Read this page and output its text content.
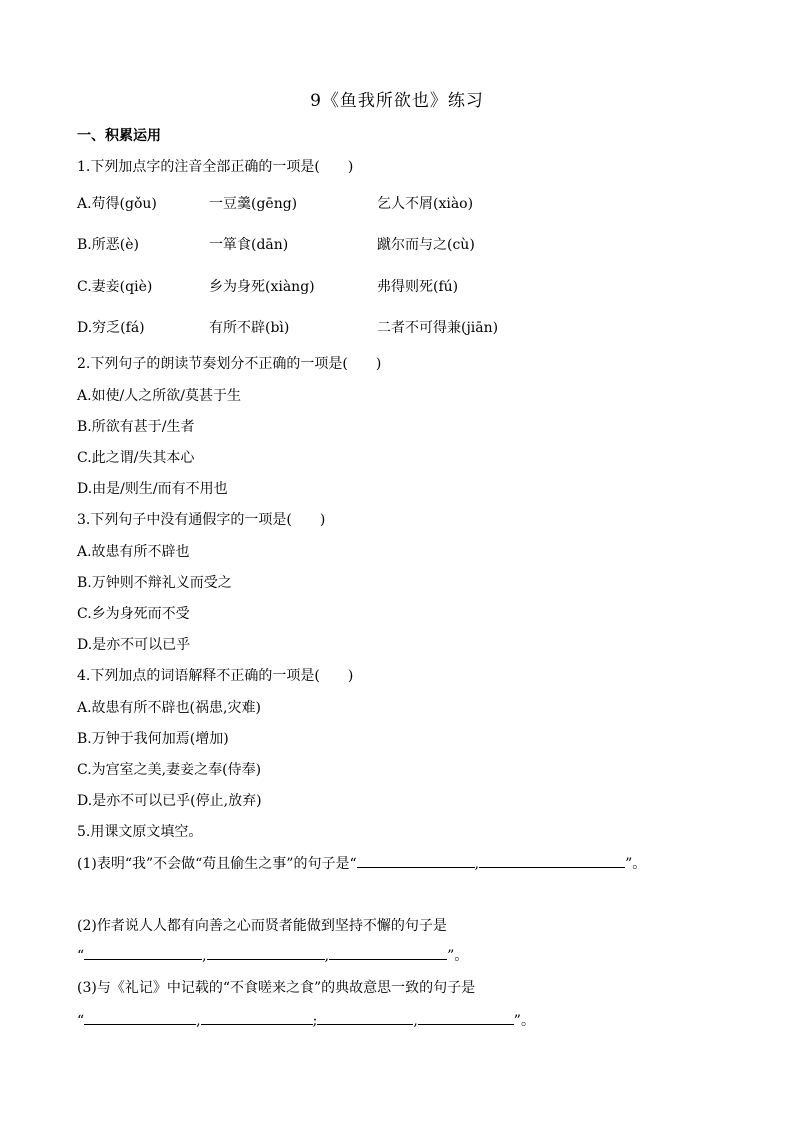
9《鱼我所欲也》练习
一、积累运用
1.下列加点字的注音全部正确的一项是(　　)
A.苟得(gǒu)	一豆羹(gēng)	乞人不屑(xiào)
B.所恶(è)	一箪食(dān)	蹴尔而与之(cù)
C.妻妾(qiè)	乡为身死(xiàng)	弗得则死(fú)
D.穷乏(fá)	有所不辟(bì)	二者不可得兼(jiān)
2.下列句子的朗读节奏划分不正确的一项是(　　)
A.如使/人之所欲/莫甚于生
B.所欲有甚于/生者
C.此之谓/失其本心
D.由是/则生/而有不用也
3.下列句子中没有通假字的一项是(　　)
A.故患有所不辟也
B.万钟则不辩礼义而受之
C.乡为身死而不受
D.是亦不可以已乎
4.下列加点的词语解释不正确的一项是(　　)
A.故患有所不辟也(祸患,灾难)
B.万钟于我何加焉(增加)
C.为宫室之美,妻妾之奉(侍奉)
D.是亦不可以已乎(停止,放弃)
5.用课文原文填空。
(1)表明“我”不会做“苟且偷生之事”的句子是“	,	”。
(2)作者说人人都有向善之心而贤者能做到坚持不懈的句子是
“	,	,	”。
(3)与《礼记》中记载的“不食嗟来之食”的典故意思一致的句子是
“	,	;	,	”。
